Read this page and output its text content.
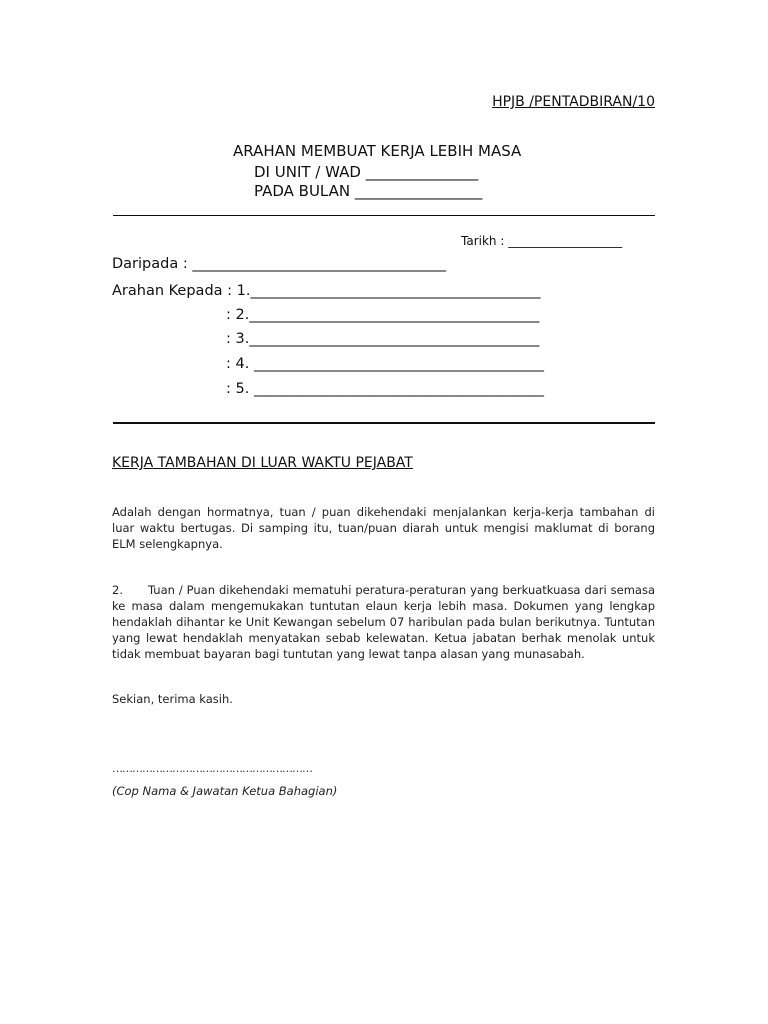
HPJB /PENTADBIRAN/10
ARAHAN MEMBUAT KERJA LEBIH MASA
DI UNIT / WAD _______________
PADA BULAN _________________
Tarikh : ___________________
Daripada : ___________________________________
Arahan Kepada : 1.________________________________________
: 2.________________________________________
: 3.________________________________________
: 4. ________________________________________
: 5. ________________________________________
KERJA TAMBAHAN DI LUAR WAKTU PEJABAT
Adalah dengan hormatnya, tuan / puan dikehendaki menjalankan kerja-kerja tambahan di luar waktu bertugas. Di samping itu, tuan/puan diarah untuk mengisi maklumat di borang ELM selengkapnya.
2. Tuan / Puan dikehendaki mematuhi peratura-peraturan yang berkuatkuasa dari semasa ke masa dalam mengemukakan tuntutan elaun kerja lebih masa. Dokumen yang lengkap hendaklah dihantar ke Unit Kewangan sebelum 07 haribulan pada bulan berikutnya. Tuntutan yang lewat hendaklah menyatakan sebab kelewatan. Ketua jabatan berhak menolak untuk tidak membuat bayaran bagi tuntutan yang lewat tanpa alasan yang munasabah.
Sekian, terima kasih.
……………………………………………………
(Cop Nama & Jawatan Ketua Bahagian)
